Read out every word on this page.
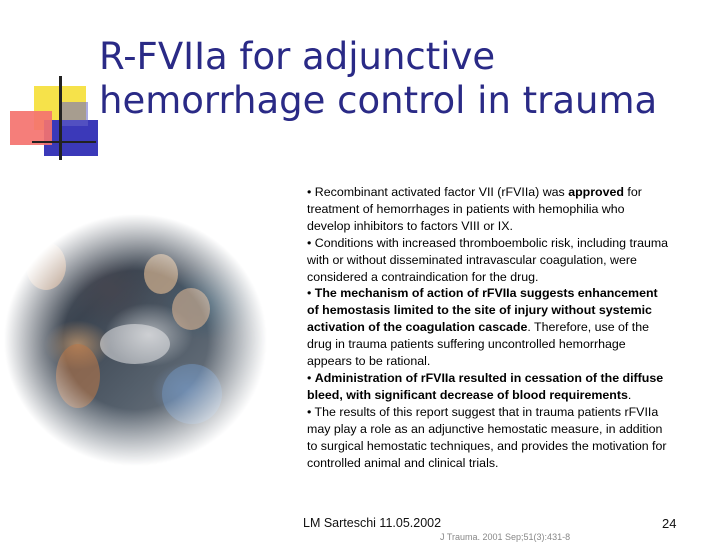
R-FVIIa for adjunctive hemorrhage control in trauma

• Recombinant activated factor VII (rFVIIa) was approved for treatment of hemorrhages in patients with hemophilia who develop inhibitors to factors VIII or IX.

• Conditions with increased thromboembolic risk, including trauma with or without disseminated intravascular coagulation, were considered a contraindication for the drug.

• The mechanism of action of rFVIIa suggests enhancement of hemostasis limited to the site of injury without systemic activation of the coagulation cascade. Therefore, use of the drug in trauma patients suffering uncontrolled hemorrhage appears to be rational.

• Administration of rFVIIa resulted in cessation of the diffuse bleed, with significant decrease of blood requirements.

• The results of this report suggest that in trauma patients rFVIIa may play a role as an adjunctive hemostatic measure, in addition to surgical hemostatic techniques, and provides the motivation for controlled animal and clinical trials.

J Trauma. 2001 Sep;51(3):431-8
LM Sarteschi 11.05.2002	24
